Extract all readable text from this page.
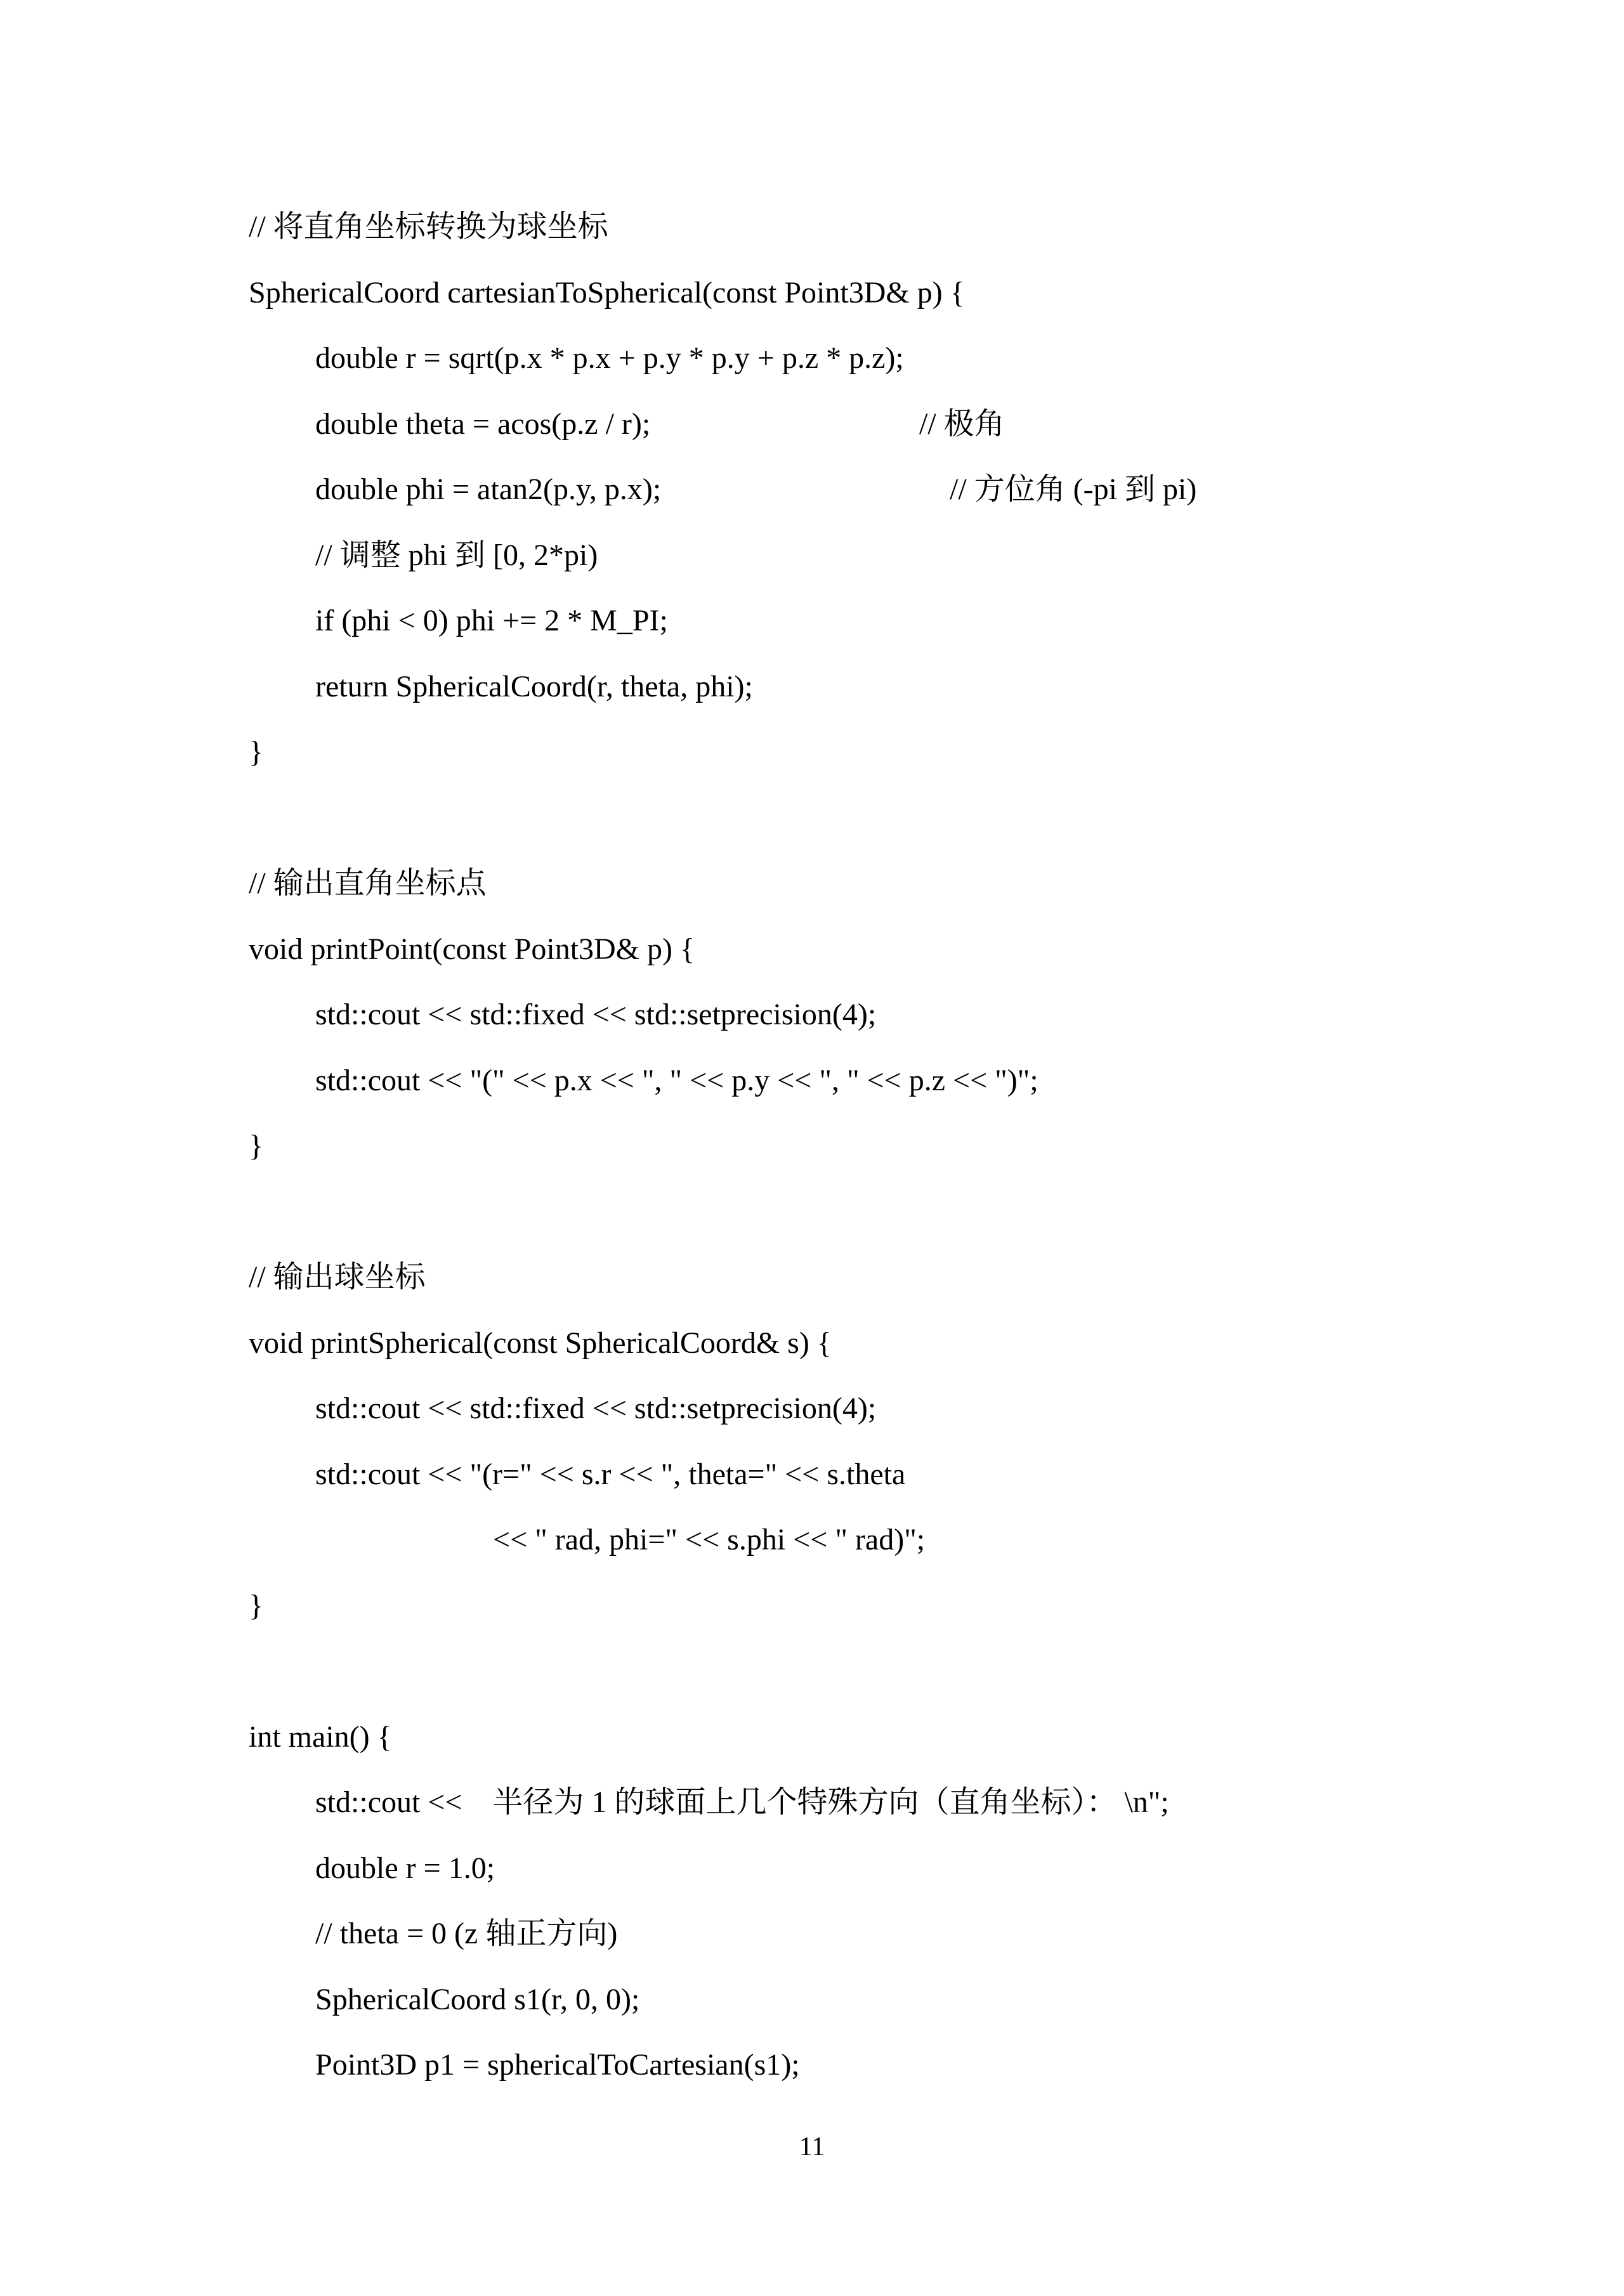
// 将直角坐标转换为球坐标
SphericalCoord cartesianToSpherical(const Point3D& p) {
double r = sqrt(p.x * p.x + p.y * p.y + p.z * p.z);
double theta = acos(p.z / r);	// 极角
double phi = atan2(p.y, p.x);	// 方位角 (-pi 到 pi)
// 调整 phi 到 [0, 2*pi)
if (phi < 0) phi += 2 * M_PI;
return SphericalCoord(r, theta, phi);
}
// 输出直角坐标点
void printPoint(const Point3D& p) {
std::cout << std::fixed << std::setprecision(4);
std::cout << "(" << p.x << ", " << p.y << ", " << p.z << ")";
}
// 输出球坐标
void printSpherical(const SphericalCoord& s) {
std::cout << std::fixed << std::setprecision(4);
std::cout << "(r=" << s.r << ", theta=" << s.theta
<< " rad, phi=" << s.phi << " rad)";
}
int main() {
std::cout <<    半径为 1 的球面上几个特殊方向（直角坐标）： \n";
double r = 1.0;
// theta = 0 (z 轴正方向)
SphericalCoord s1(r, 0, 0);
Point3D p1 = sphericalToCartesian(s1);
11
